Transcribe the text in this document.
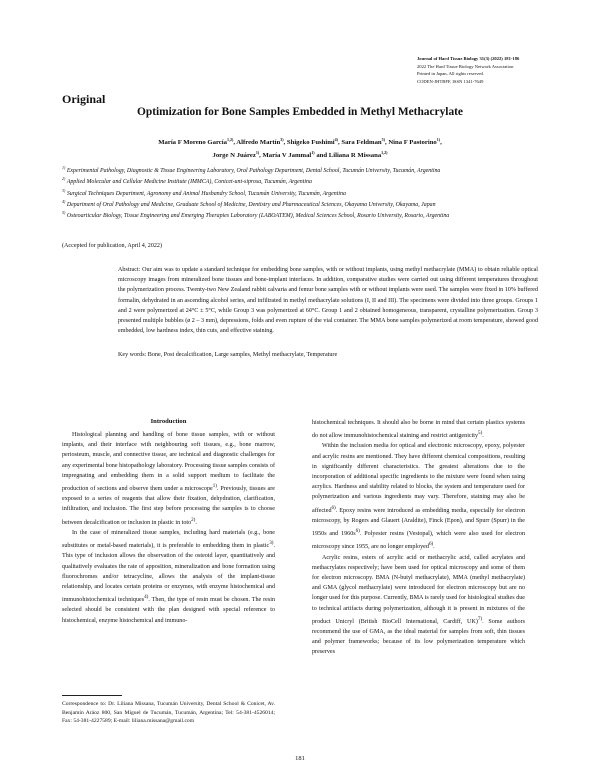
Journal of Hard Tissue Biology 31(3) (2022) 181-186
2022 The Hard Tissue Biology Network Association
Printed in Japan, All rights reserved.
CODEN-JHTBFF, ISSN 1341-7649
Original
Optimization for Bone Samples Embedded in Methyl Methacrylate
María F Moreno García$^{1,2)}$, Alfredo Martín$^{3)}$, Shigeko Fushimi$^{4)}$, Sara Feldman$^{5)}$, Nina F Pastorino$^{1)}$,
Jorge N Juárez$^{1)}$, María V Jammal$^{1)}$ and Liliana R Missana$^{1,2)}$
$^{1)}$ Experimental Pathology, Diagnostic & Tissue Engineering Laboratory, Oral Pathology Department, Dental School, Tucumán University, Tucumán, Argentina
$^{2)}$ Applied Molecular and Cellular Medicine Institute (IMMCA), Conicet-unt-siprosa, Tucumán, Argentina
$^{3)}$ Surgical Techniques Department, Agronomy and Animal Husbandry School, Tucumán University, Tucumán, Argentina
$^{4)}$ Department of Oral Pathology and Medicine, Graduate School of Medicine, Dentistry and Pharmaceutical Sciences, Okayama University, Okayama, Japan
$^{5)}$ Osteoarticular Biology, Tissue Engineering and Emerging Therapies Laboratory (LABOATEM), Medical Sciences School, Rosario University, Rosario, Argentina
(Accepted for publication, April 4, 2022)
Abstract: Our aim was to update a standard technique for embedding bone samples, with or without implants, using methyl methacrylate (MMA) to obtain reliable optical microscopy images from mineralized bone tissues and bone-implant interfaces. In addition, comparative studies were carried out using different temperatures throughout the polymerization process. Twenty-two New Zealand rabbit calvaria and femur bone samples with or without implants were used. The samples were fixed in 10% buffered formalin, dehydrated in an ascending alcohol series, and infiltrated in methyl methacrylate solutions (I, II and III). The specimens were divided into three groups. Groups 1 and 2 were polymerized at 24°C ± 5°C, while Group 3 was polymerized at 60°C. Group 1 and 2 obtained homogeneous, transparent, crystalline polymerization. Group 3 presented multiple bubbles (ø 2 – 3 mm), depressions, folds and even rupture of the vial container. The MMA bone samples polymerized at room temperature, showed good embedded, low hardness index, thin cuts, and effective staining.
Key words: Bone, Post decalcification, Large samples, Methyl methacrylate, Temperature
Introduction

Histological planning and handling of bone tissue samples, with or without implants, and their interface with neighbouring soft tissues, e.g., bone marrow, periosteum, muscle, and connective tissue, are technical and diagnostic challenges for any experimental bone histopathology laboratory. Processing tissue samples consists of impregnating and embedding them in a solid support medium to facilitate the production of sections and observe them under a microscope$^{1)}$. Previously, tissues are exposed to a series of reagents that allow their fixation, dehydration, clarification, infiltration, and inclusion. The first step before processing the samples is to choose between decalcification or inclusion in plastic in toto$^{2)}$.

In the case of mineralized tissue samples, including hard materials (e.g., bone substitutes or metal-based materials), it is preferable to embedding them in plastic$^{3)}$. This type of inclusion allows the observation of the osteoid layer, quantitatively and qualitatively evaluates the rate of apposition, mineralization and bone formation using fluorochromes and/or tetracycline, allows the analysis of the implant-tissue relationship, and locates certain proteins or enzymes, with enzyme histochemical and immunohistochemical techniques$^{4)}$. Then, the type of resin must be chosen. The resin selected should be consistent with the plan designed with special reference to histochemical, enzyme histochemical and immuno-

histochemical techniques. It should also be borne in mind that certain plastics systems do not allow immunohistochemical staining and restrict antigenicity$^{5)}$.

Within the inclusion media for optical and electronic microscopy, epoxy, polyester and acrylic resins are mentioned. They have different chemical compositions, resulting in significantly different characteristics. The greatest alterations due to the incorporation of additional specific ingredients to the mixture were found when using acrylics. Hardness and stability related to blocks, the system and temperature used for polymerization and various ingredients may vary. Therefore, staining may also be affected$^{6)}$. Epoxy resins were introduced as embedding media, especially for electron microscopy, by Rogers and Glauert (Araldite), Finck (Epon), and Spurr (Spurr) in the 1950s and $1960s^{6)}$. Polyester resins (Vestopal), which were also used for electron microscopy since 1955, are no longer employed$^{6)}$.

Acrylic resins, esters of acrylic acid or methacrylic acid, called acrylates and methacrylates respectively; have been used for optical microscopy and some of them for electron microscopy. BMA (N-butyl methacrylate), MMA (methyl methacrylate) and GMA (glycol methacrylate) were introduced for electron microscopy but are no longer used for this purpose. Currently, BMA is rarely used for histological studies due to technical artifacts during polymerization, although it is present in mixtures of the product Unicryl (British BioCell International, Cardiff, UK)$^{7)}$. Some authors recommend the use of GMA, as the ideal material for samples from soft, thin tissues and polymer frameworks; because of its low polymerization temperature which preserves

Correspondence to: Dr. Liliana Missana, Tucumán University, Dental School & Conicet, Av. Benjamín Aráoz 800, San Miguel de Tucumán, Tucumán, Argentina; Tel: 54-381-4526014; Fax: 54-381-4227589; E-mail: liliana.missana@gmail.com
181
